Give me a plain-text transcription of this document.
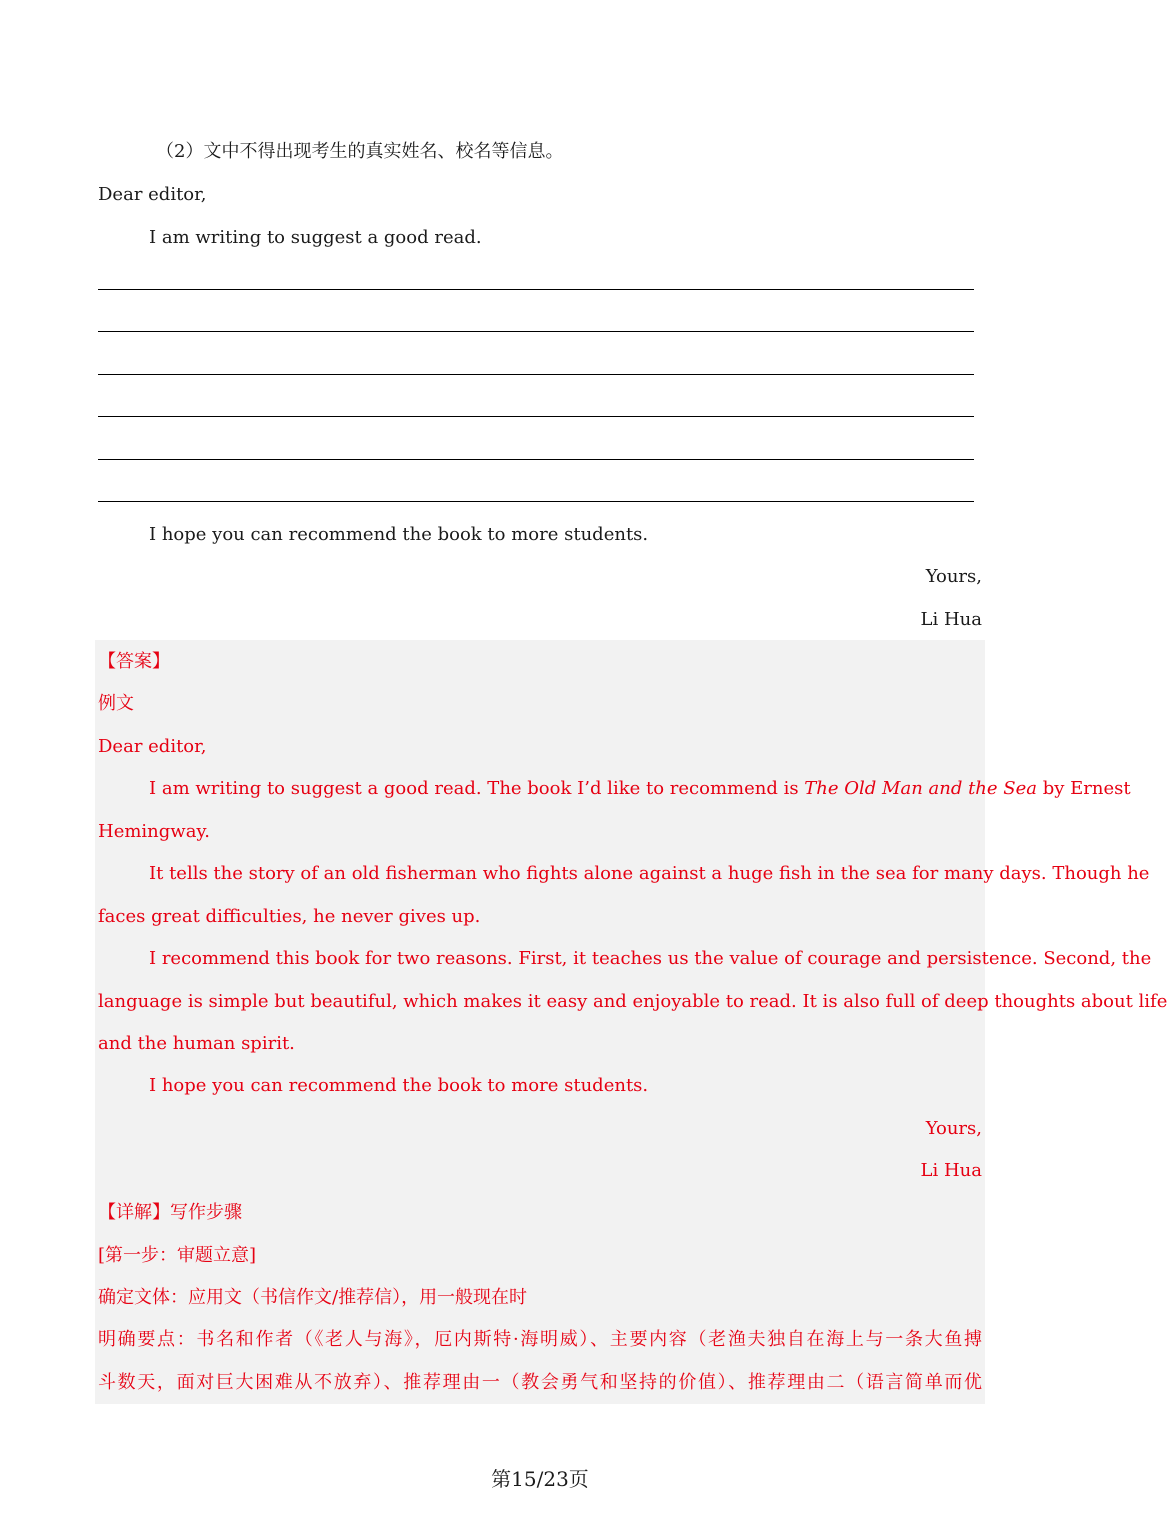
（2）文中不得出现考生的真实姓名、校名等信息。
Dear editor,
I am writing to suggest a good read.
I hope you can recommend the book to more students.
Yours,
Li Hua
【答案】
例文
Dear editor,
I am writing to suggest a good read. The book I’d like to recommend is The Old Man and the Sea by Ernest
Hemingway.
It tells the story of an old fisherman who fights alone against a huge fish in the sea for many days. Though he
faces great difficulties, he never gives up.
I recommend this book for two reasons. First, it teaches us the value of courage and persistence. Second, the
language is simple but beautiful, which makes it easy and enjoyable to read. It is also full of deep thoughts about life
and the human spirit.
I hope you can recommend the book to more students.
Yours,
Li Hua
【详解】写作步骤
[第一步：审题立意]
确定文体：应用文（书信作文/推荐信），用一般现在时
明确要点：书名和作者（《老人与海》，厄内斯特·海明威）、主要内容（老渔夫独自在海上与一条大鱼搏
斗数天，面对巨大困难从不放弃）、推荐理由一（教会勇气和坚持的价值）、推荐理由二（语言简单而优
第15/23页
